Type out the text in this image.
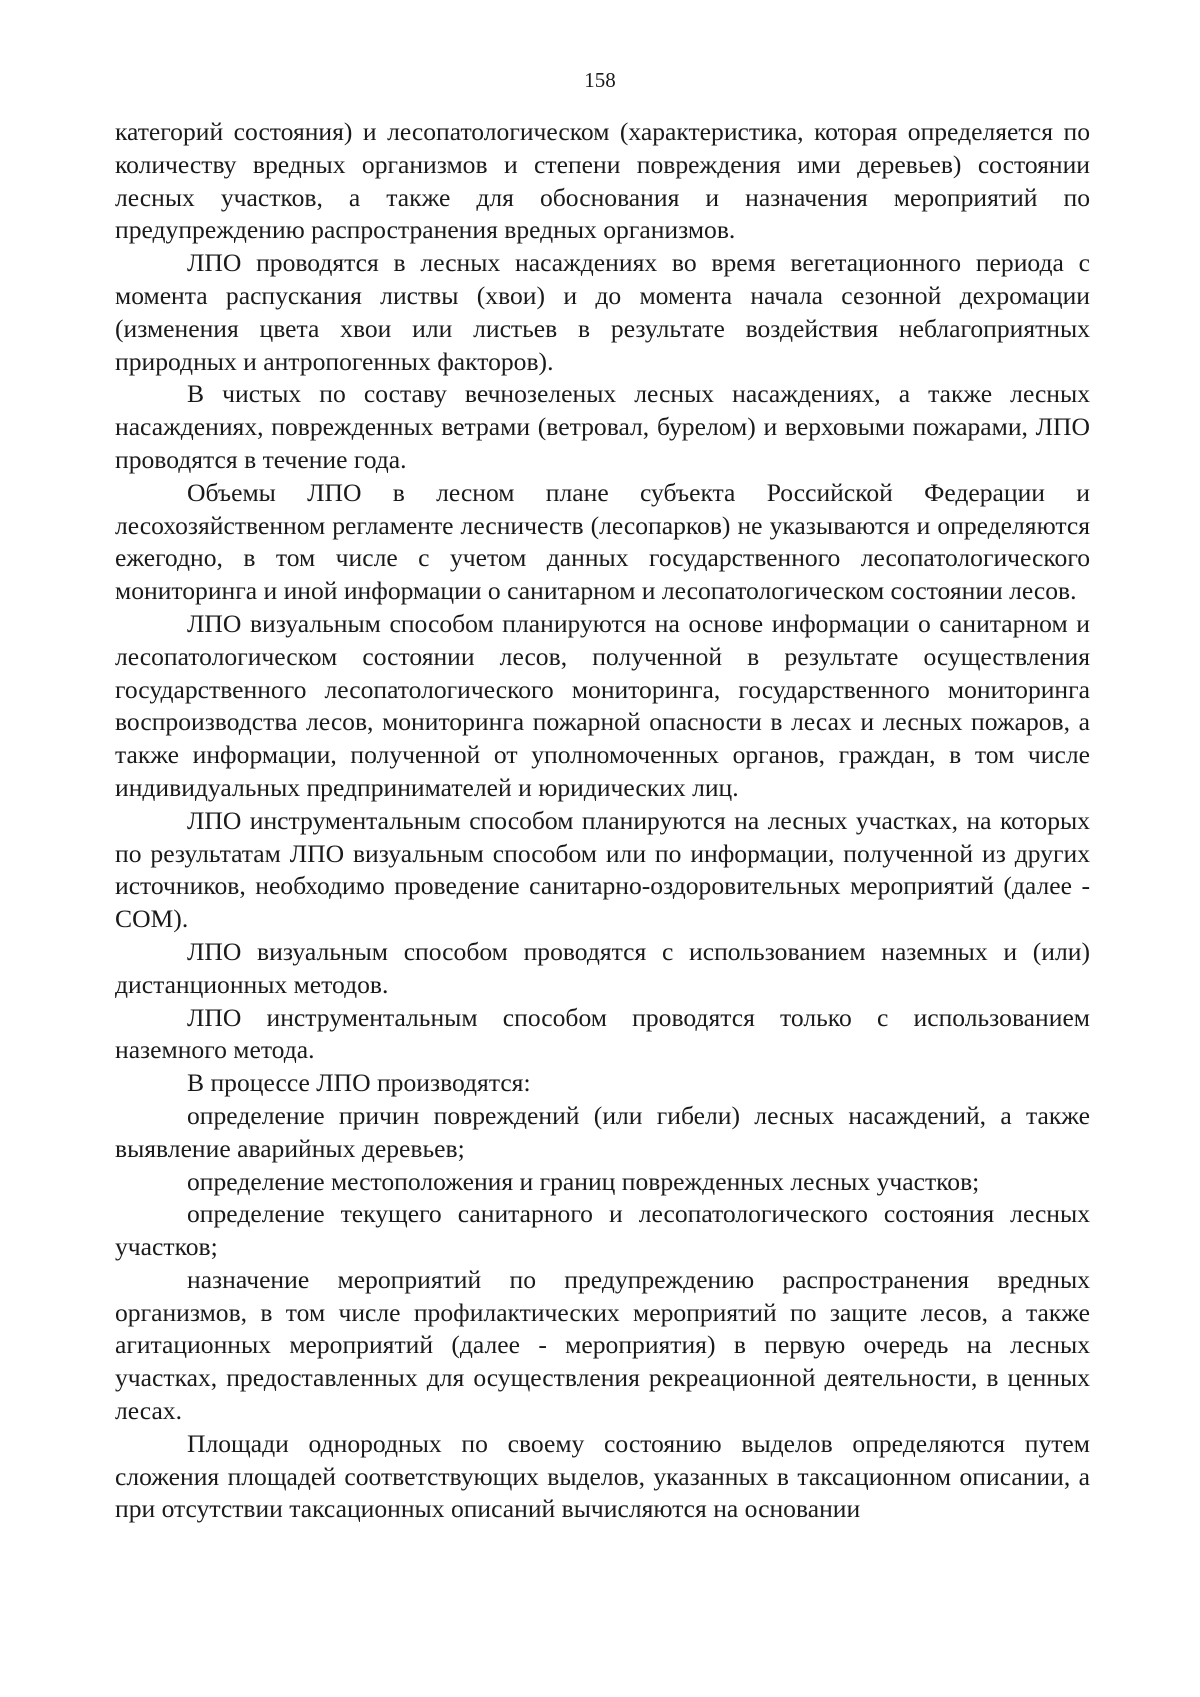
158

категорий состояния) и лесопатологическом (характеристика, которая определяется по количеству вредных организмов и степени повреждения ими деревьев) состоянии лесных участков, а также для обоснования и назначения мероприятий по предупреждению распространения вредных организмов.

ЛПО проводятся в лесных насаждениях во время вегетационного периода с момента распускания листвы (хвои) и до момента начала сезонной дехромации (изменения цвета хвои или листьев в результате воздействия неблагоприятных природных и антропогенных факторов).

В чистых по составу вечнозеленых лесных насаждениях, а также лесных насаждениях, поврежденных ветрами (ветровал, бурелом) и верховыми пожарами, ЛПО проводятся в течение года.

Объемы ЛПО в лесном плане субъекта Российской Федерации и лесохозяйственном регламенте лесничеств (лесопарков) не указываются и определяются ежегодно, в том числе с учетом данных государственного лесопатологического мониторинга и иной информации о санитарном и лесопатологическом состоянии лесов.

ЛПО визуальным способом планируются на основе информации о санитарном и лесопатологическом состоянии лесов, полученной в результате осуществления государственного лесопатологического мониторинга, государственного мониторинга воспроизводства лесов, мониторинга пожарной опасности в лесах и лесных пожаров, а также информации, полученной от уполномоченных органов, граждан, в том числе индивидуальных предпринимателей и юридических лиц.

ЛПО инструментальным способом планируются на лесных участках, на которых по результатам ЛПО визуальным способом или по информации, полученной из других источников, необходимо проведение санитарно-оздоровительных мероприятий (далее - СОМ).

ЛПО визуальным способом проводятся с использованием наземных и (или) дистанционных методов.

ЛПО инструментальным способом проводятся только с использованием наземного метода.

В процессе ЛПО производятся:

определение причин повреждений (или гибели) лесных насаждений, а также выявление аварийных деревьев;

определение местоположения и границ поврежденных лесных участков;

определение текущего санитарного и лесопатологического состояния лесных участков;

назначение мероприятий по предупреждению распространения вредных организмов, в том числе профилактических мероприятий по защите лесов, а также агитационных мероприятий (далее - мероприятия) в первую очередь на лесных участках, предоставленных для осуществления рекреационной деятельности, в ценных лесах.

Площади однородных по своему состоянию выделов определяются путем сложения площадей соответствующих выделов, указанных в таксационном описании, а при отсутствии таксационных описаний вычисляются на основании
